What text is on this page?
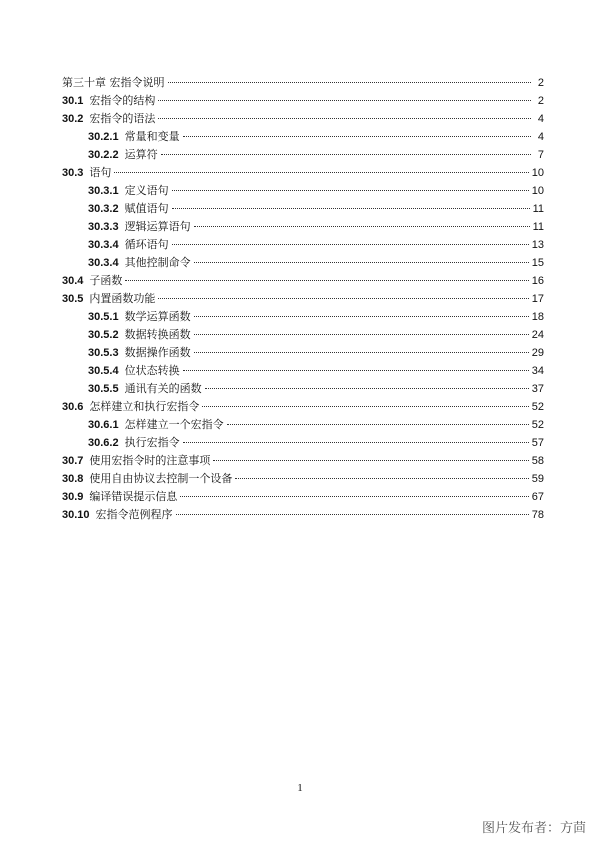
第三十章 宏指令说明	2
30.1 宏指令的结构	2
30.2 宏指令的语法	4
30.2.1 常量和变量	4
30.2.2 运算符	7
30.3 语句	10
30.3.1 定义语句	10
30.3.2 赋值语句	11
30.3.3 逻辑运算语句	11
30.3.4 循环语句	13
30.3.4 其他控制命令	15
30.4 子函数	16
30.5 内置函数功能	17
30.5.1 数学运算函数	18
30.5.2 数据转换函数	24
30.5.3 数据操作函数	29
30.5.4 位状态转换	34
30.5.5 通讯有关的函数	37
30.6 怎样建立和执行宏指令	52
30.6.1 怎样建立一个宏指令	52
30.6.2 执行宏指令	57
30.7 使用宏指令时的注意事项	58
30.8 使用自由协议去控制一个设备	59
30.9 编译错误提示信息	67
30.10 宏指令范例程序	78
1
图片发布者：方茴
